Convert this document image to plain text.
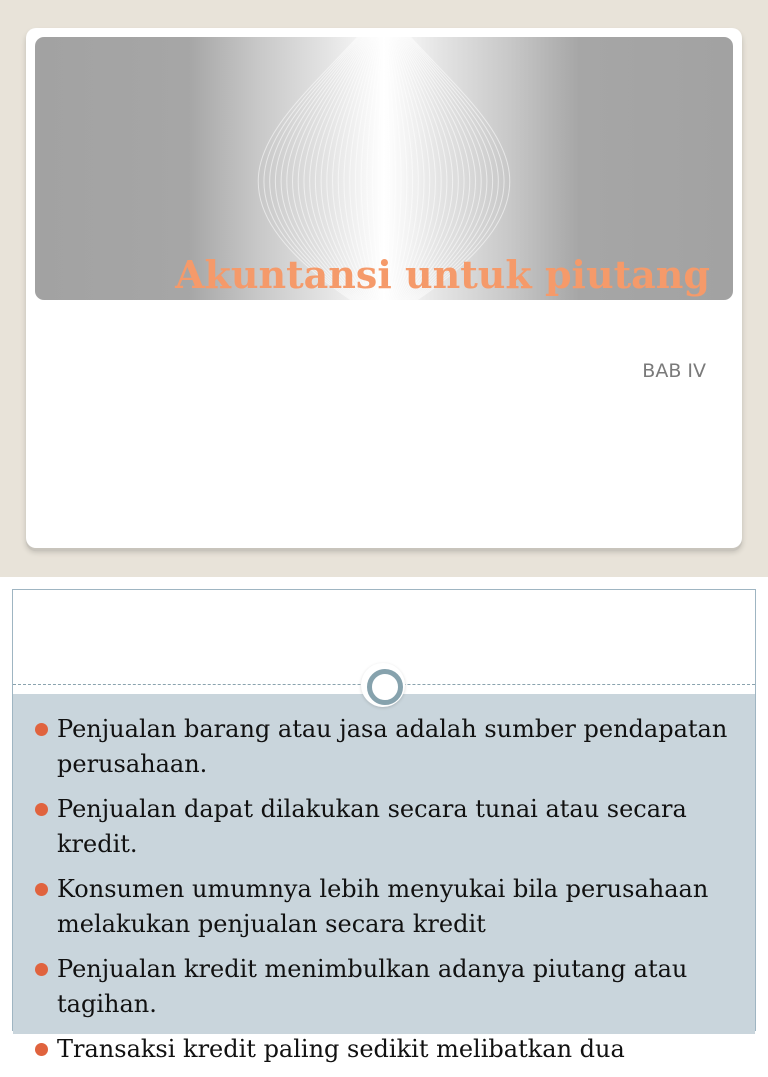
Akuntansi untuk piutang

BAB IV

Penjualan barang atau jasa adalah sumber pendapatan perusahaan.
Penjualan dapat dilakukan secara tunai atau secara kredit.
Konsumen umumnya lebih menyukai bila perusahaan melakukan penjualan secara kredit
Penjualan kredit menimbulkan adanya piutang atau tagihan.
Transaksi kredit paling sedikit melibatkan dua
